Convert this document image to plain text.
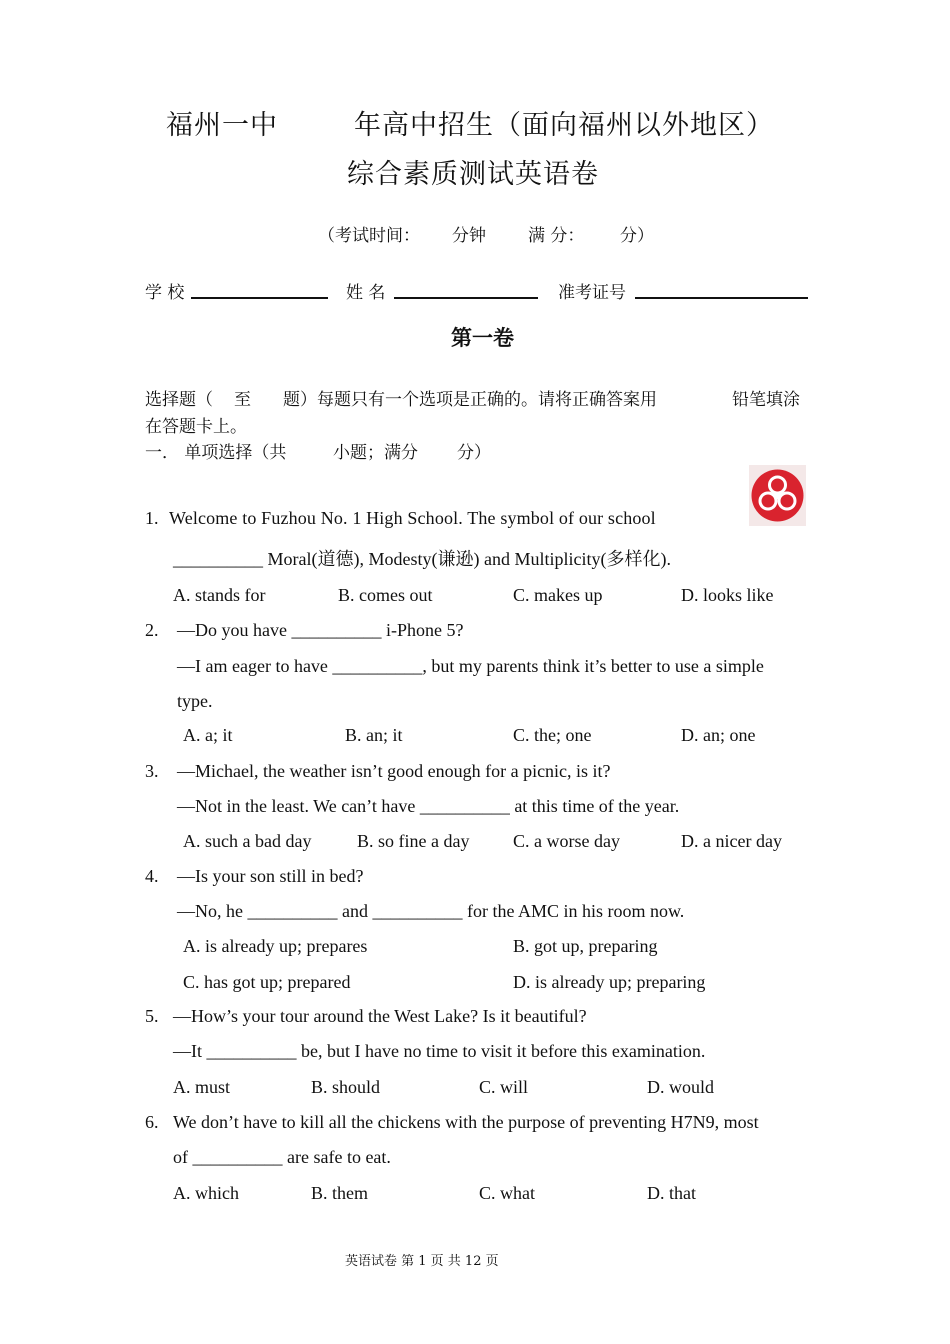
福州一中	年高中招生（面向福州以外地区）
综合素质测试英语卷
（考试时间： 分钟 满 分： 分）
学 校	姓 名	准考证号
第一卷
选择题（ 至 题）每题只有一个选项是正确的。请将正确答案用	铅笔填涂
在答题卡上。
一． 单项选择（共	小题；满分 分）
1. Welcome to Fuzhou No. 1 High School. The symbol of our school
__________ Moral(道德), Modesty(谦逊) and Multiplicity(多样化).
A. stands for	B. comes out	C. makes up	D. looks like
2. —Do you have __________ i-Phone 5?
—I am eager to have __________, but my parents think it’s better to use a simple
type.
A. a; it	B. an; it	C. the; one	D. an; one
3. —Michael, the weather isn’t good enough for a picnic, is it?
—Not in the least. We can’t have __________ at this time of the year.
A. such a bad day	B. so fine a day C. a worse day	D. a nicer day
4. —Is your son still in bed?
—No, he __________ and __________ for the AMC in his room now.
A. is already up; prepares	B. got up, preparing
C. has got up; prepared	D. is already up; preparing
5. —How’s your tour around the West Lake? Is it beautiful?
—It __________ be, but I have no time to visit it before this examination.
A. must	B. should	C. will	D. would
6. We don’t have to kill all the chickens with the purpose of preventing H7N9, most
of __________ are safe to eat.
A. which	B. them	C. what	D. that
英语试卷 第 1 页 共 12 页
